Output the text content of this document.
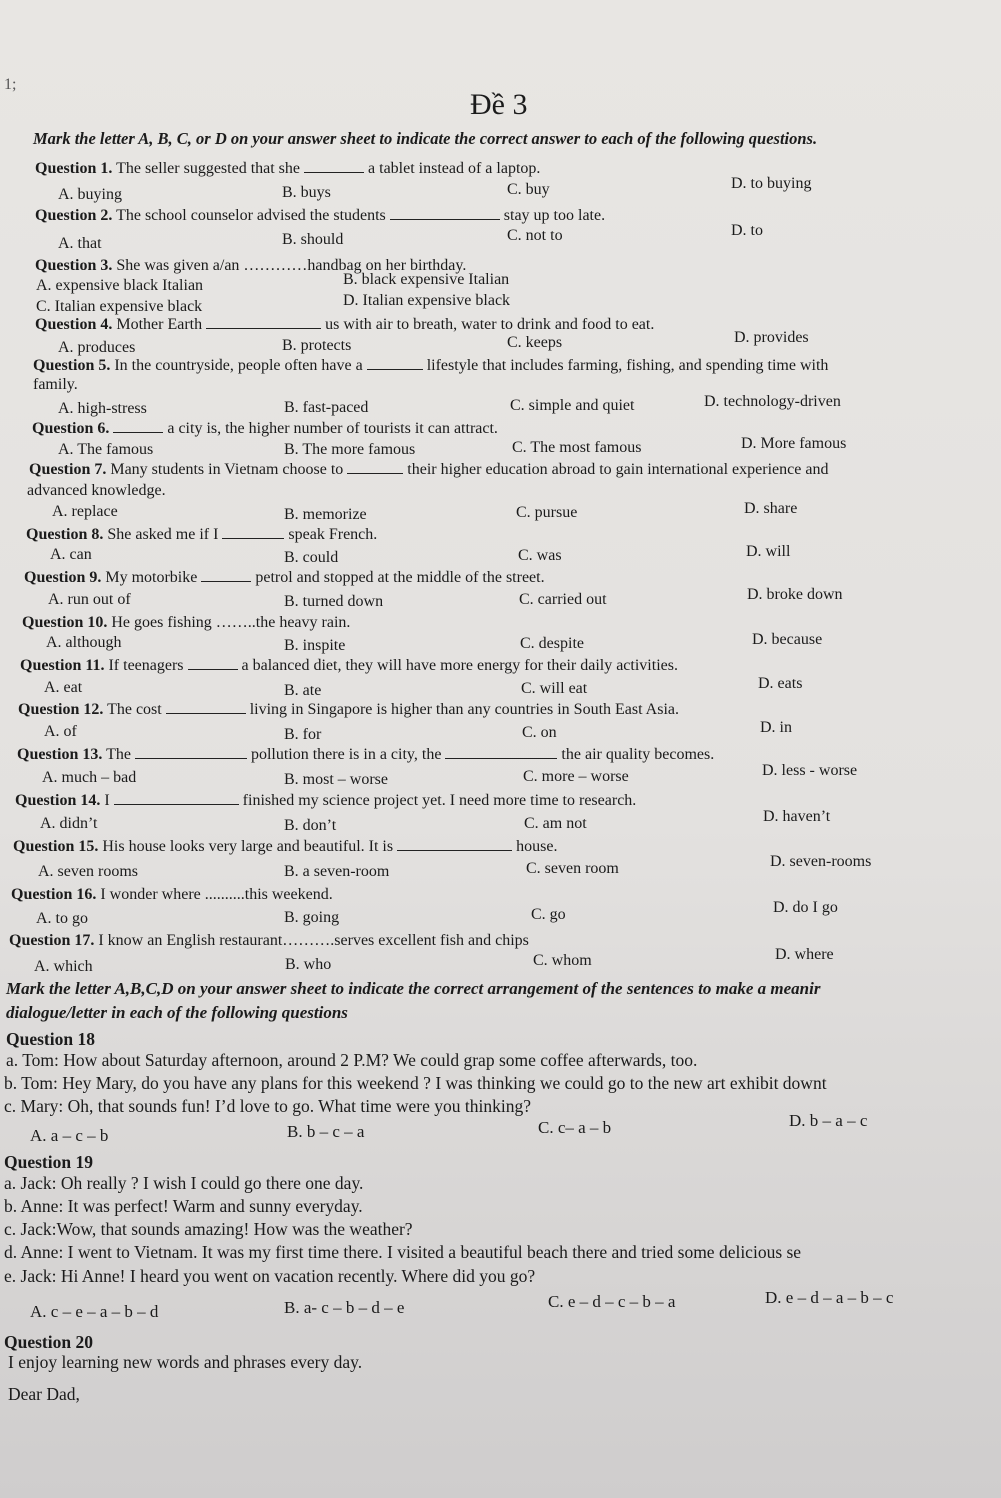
1;
Đề 3
Mark the letter A, B, C, or D on your answer sheet to indicate the correct answer to each of the following questions.
Question 1. The seller suggested that she	a tablet instead of a laptop.
A. buying	B. buys	C. buy	D. to buying
Question 2. The school counselor advised the students	stay up too late.
A. that	B. should	C. not to	D. to
Question 3. She was given a/an …………handbag on her birthday.
A. expensive black Italian	B. black expensive Italian
C. Italian expensive black	D. Italian expensive black
Question 4. Mother Earth	us with air to breath, water to drink and food to eat.
A. produces	B. protects	C. keeps	D. provides
Question 5. In the countryside, people often have a	lifestyle that includes farming, fishing, and spending time with
family.
A. high-stress	B. fast-paced	C. simple and quiet	D. technology-driven
Question 6.	a city is, the higher number of tourists it can attract.
A. The famous	B. The more famous	C. The most famous	D. More famous
Question 7. Many students in Vietnam choose to	their higher education abroad to gain international experience and
advanced knowledge.
A. replace	B. memorize	C. pursue	D. share
Question 8. She asked me if I	speak French.
A. can	B. could	C. was	D. will
Question 9. My motorbike	petrol and stopped at the middle of the street.
A. run out of	B. turned down	C. carried out	D. broke down
Question 10. He goes fishing ……..the heavy rain.
A. although	B. inspite	C. despite	D. because
Question 11. If teenagers	a balanced diet, they will have more energy for their daily activities.
A. eat	B. ate	C. will eat	D. eats
Question 12. The cost	living in Singapore is higher than any countries in South East Asia.
A. of	B. for	C. on	D. in
Question 13. The	pollution there is in a city, the	the air quality becomes.
A. much – bad	B. most – worse	C. more – worse	D. less - worse
Question 14. I	finished my science project yet. I need more time to research.
A. didn’t	B. don’t	C. am not	D. haven’t
Question 15. His house looks very large and beautiful. It is	house.
A. seven rooms	B. a seven-room	C. seven room	D. seven-rooms
Question 16. I wonder where ..........this weekend.
A. to go	B. going	C. go	D. do I go
Question 17. I know an English restaurant……….serves excellent fish and chips
A. which	B. who	C. whom	D. where
Mark the letter A,B,C,D on your answer sheet to indicate the correct arrangement of the sentences to make a meanir
dialogue/letter in each of the following questions
Question 18
a. Tom: How about Saturday afternoon, around 2 P.M? We could grap some coffee afterwards, too.
b. Tom: Hey Mary, do you have any plans for this weekend ? I was thinking we could go to the new art exhibit downt
c. Mary: Oh, that sounds fun! I’d love to go. What time were you thinking?
A. a – c – b	B. b – c – a	C. c– a – b	D. b – a – c
Question 19
a. Jack: Oh really ? I wish I could go there one day.
b. Anne: It was perfect! Warm and sunny everyday.
c. Jack:Wow, that sounds amazing! How was the weather?
d. Anne: I went to Vietnam. It was my first time there. I visited a beautiful beach there and tried some delicious se
e. Jack: Hi Anne! I heard you went on vacation recently. Where did you go?
A. c – e – a – b – d	B. a- c – b – d – e	C. e – d – c – b – a	D. e – d – a – b – c
Question 20
I enjoy learning new words and phrases every day.
Dear Dad,
